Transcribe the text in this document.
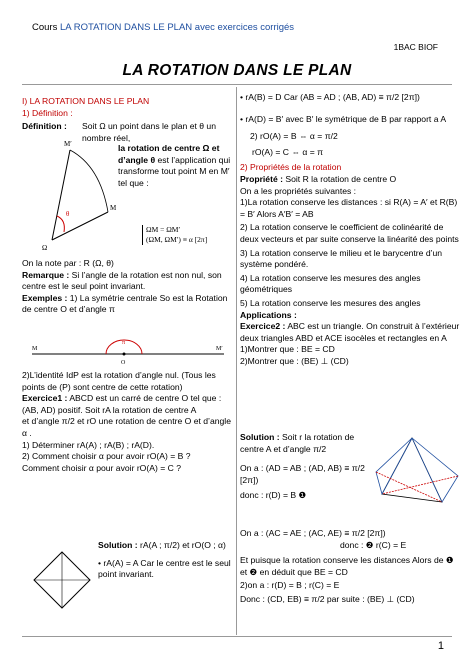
Cours LA ROTATION DANS LE PLAN avec exercices corrigés
1BAC BIOF
LA ROTATION DANS LE PLAN

I) LA ROTATION DANS LE PLAN

1) Définition :

Définition :	Soit Ω un point dans le plan et θ un nombre réel,
la rotation de centre Ω et d’angle θ est l’application qui transforme tout point M en M′ tel que :
ΩM = ΩM′
(ΩM, ΩM′) ≡ α [2π]
M′
M
Ω
θ

On la note par : R (Ω, θ)

Remarque : Si l’angle de la rotation est non nul, son centre est le seul point invariant.

Exemples : 1) La symétrie centrale So est la Rotation de centre O et d’angle π

M
O
M′
π

2)L’identité IdP est la rotation d’angle nul. (Tous les points de (P) sont centre de cette rotation)

Exercice1 : ABCD est un carré de centre O tel que : (AB, AD) positif. Soit rA la rotation de centre A

et d’angle π/2 et rO une rotation de centre O et d’angle α .

1) Déterminer rA(A) ; rA(B) ; rA(D).

2) Comment choisir α pour avoir rO(A) = B ?

Comment choisir α pour avoir rO(A) = C ?

Solution : rA(A ; π/2) et rO(O ; α)

• rA(A) = A Car le centre est le seul point invariant.

• rA(B) = D Car (AB = AD ; (AB, AD) ≡ π/2 [2π])

• rA(D) = B′ avec B′ le symétrique de B par rapport a A

2) rO(A) = B ⇔ α = π/2

rO(A) = C ⇔ α = π

2) Propriétés de la rotation

Propriété : Soit R la rotation de centre O

On a les propriétés suivantes :

1)La rotation conserve les distances : si R(A) = A′ et R(B) = B′ Alors A′B′ = AB

2) La rotation conserve le coefficient de colinéarité de deux vecteurs et par suite conserve la linéarité des points

3) La rotation conserve le milieu et le barycentre d’un système pondéré.

4) La rotation conserve les mesures des angles géométriques

5) La rotation conserve les mesures des angles

Applications :

Exercice2 : ABC est un triangle. On construit à l’extérieur deux triangles ABD et ACE isocèles et rectangles en A

1)Montrer que : BE = CD

2)Montrer que : (BE) ⊥ (CD)

Solution : Soit r la rotation de centre A et d’angle π/2

On a : (AD = AB ; (AD, AB) ≡ π/2 [2π])

donc : r(D) = B ❶

On a : (AC = AE ; (AC, AE) ≡ π/2 [2π])

donc : ❷ r(C) = E

Et puisque la rotation conserve les distances Alors de ❶ et ❷ en déduit que BE = CD

2)on a : r(D) = B ; r(C) = E

Donc : (CD, EB) ≡ π/2 par suite : (BE) ⊥ (CD)

1
